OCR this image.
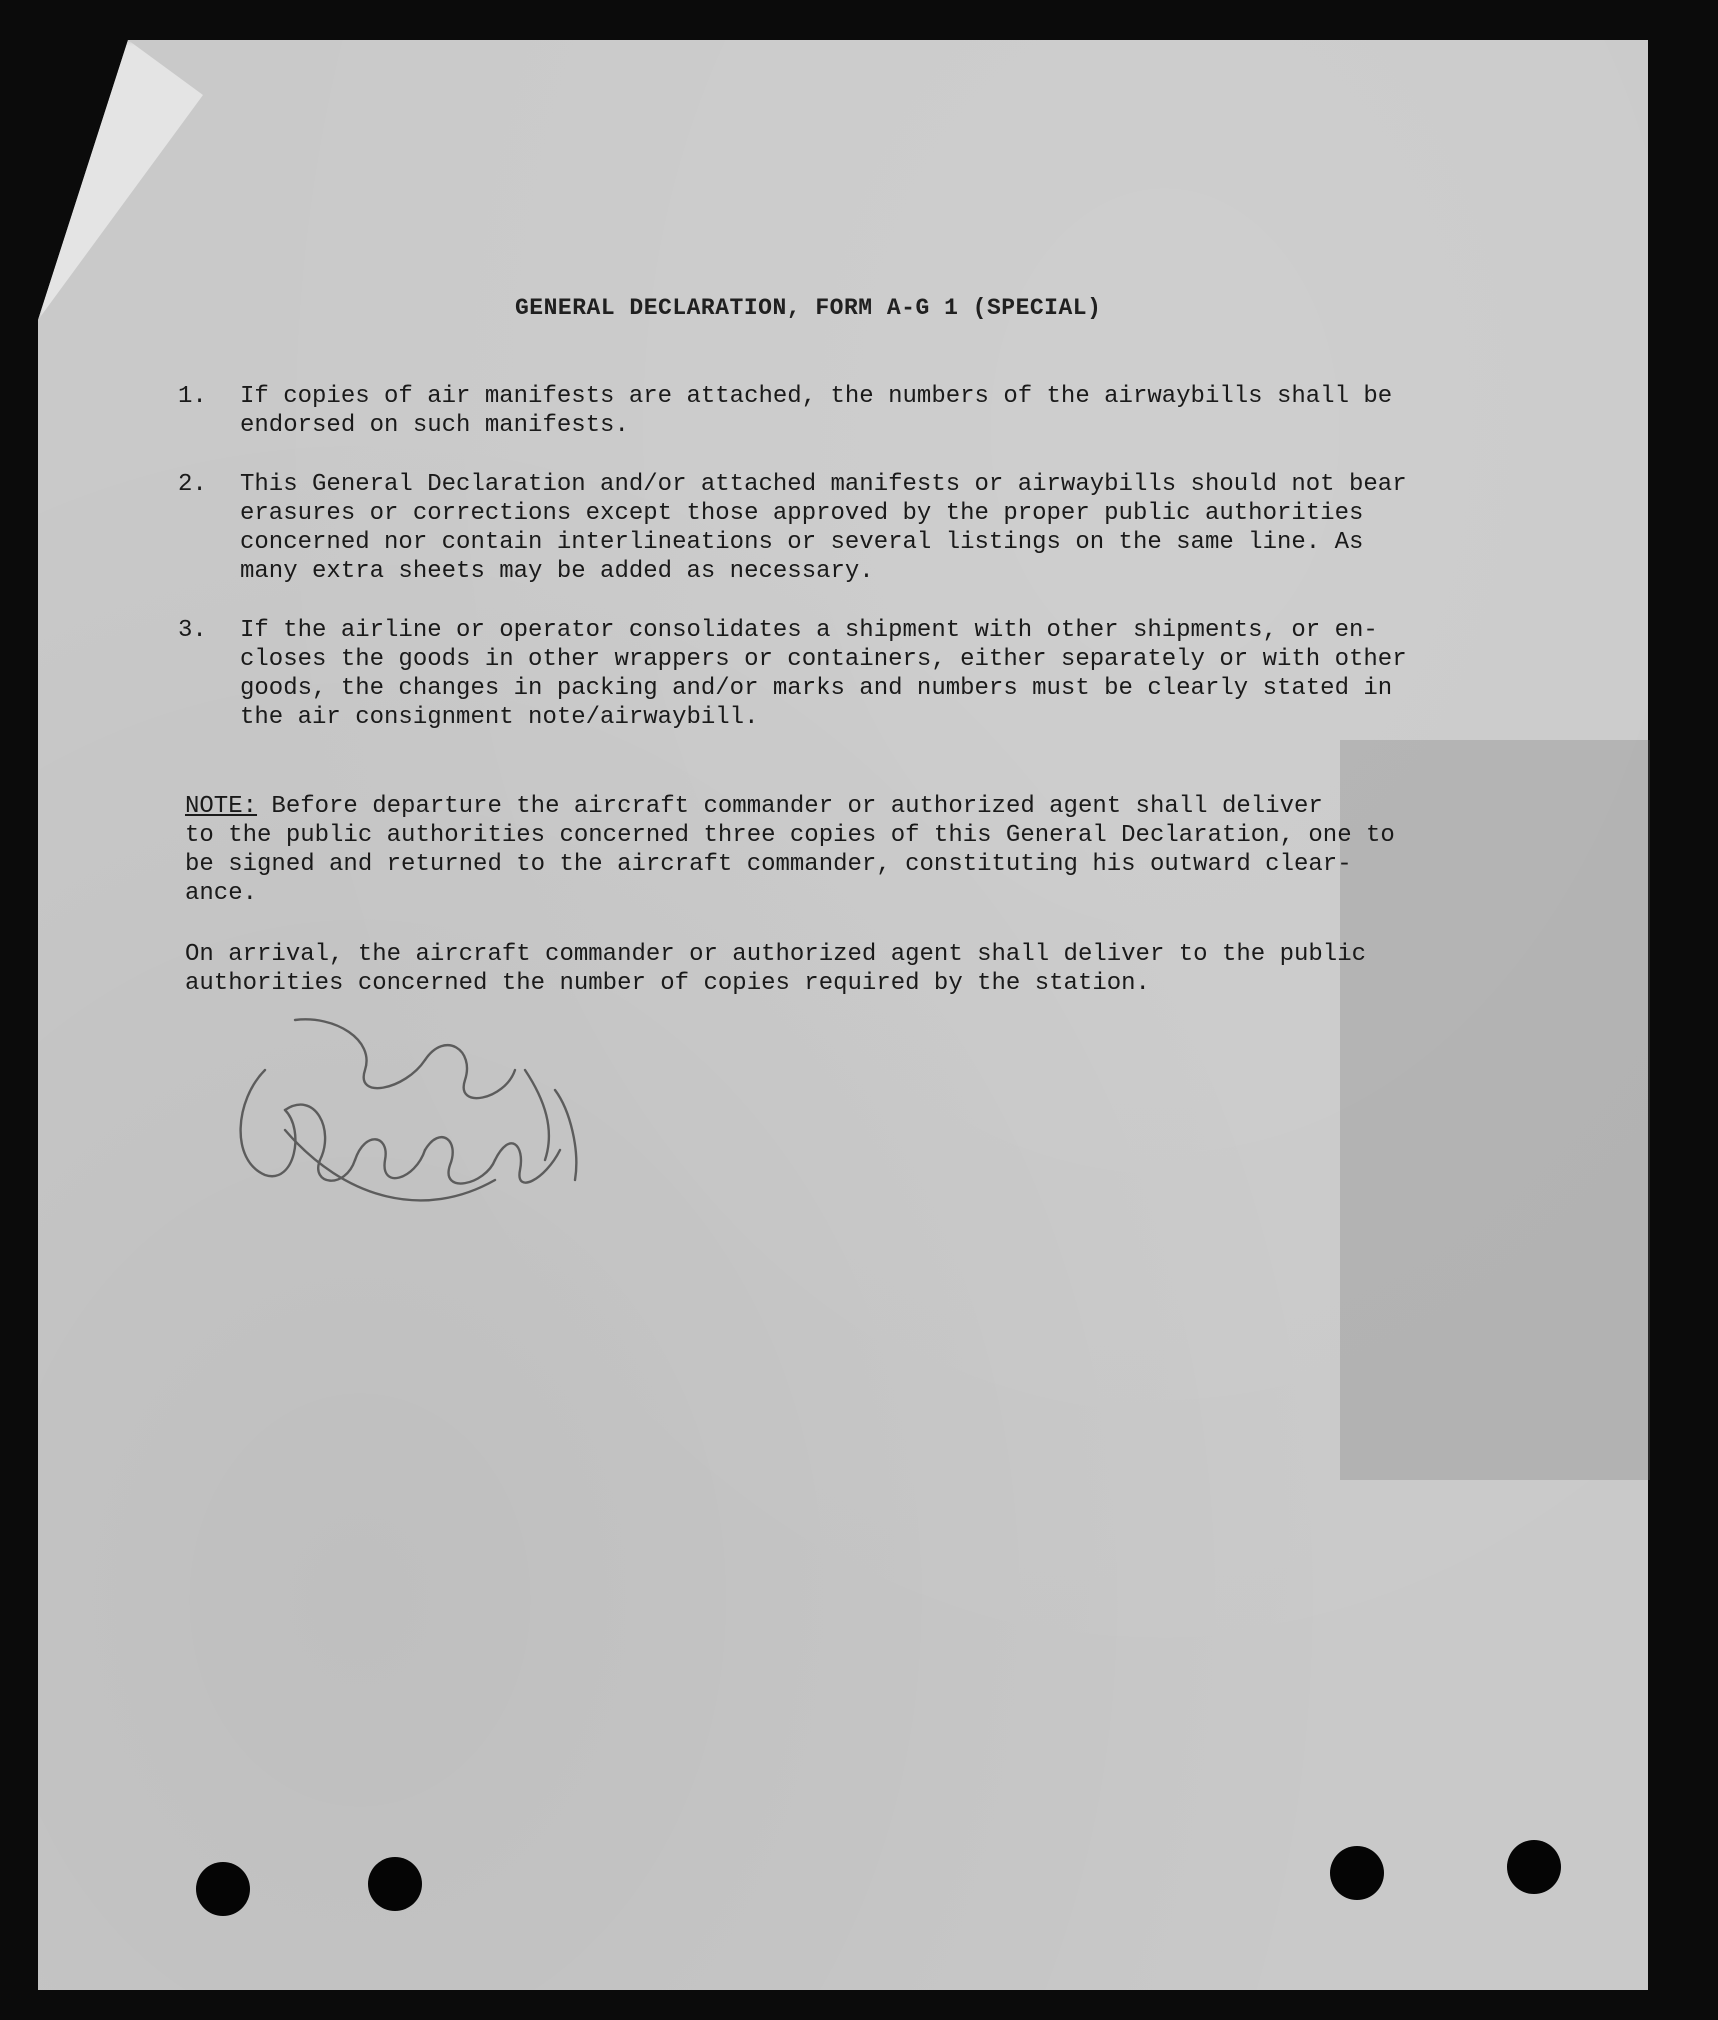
GENERAL DECLARATION, FORM A-G 1 (SPECIAL)
1.	If copies of air manifests are attached, the numbers of the airwaybills shall be
endorsed on such manifests.
2.	This General Declaration and/or attached manifests or airwaybills should not bear
erasures or corrections except those approved by the proper public authorities
concerned nor contain interlineations or several listings on the same line. As
many extra sheets may be added as necessary.
3.	If the airline or operator consolidates a shipment with other shipments, or en-
closes the goods in other wrappers or containers, either separately or with other
goods, the changes in packing and/or marks and numbers must be clearly stated in
the air consignment note/airwaybill.
NOTE: Before departure the aircraft commander or authorized agent shall deliver
to the public authorities concerned three copies of this General Declaration, one to
be signed and returned to the aircraft commander, constituting his outward clear-
ance.
On arrival, the aircraft commander or authorized agent shall deliver to the public
authorities concerned the number of copies required by the station.
